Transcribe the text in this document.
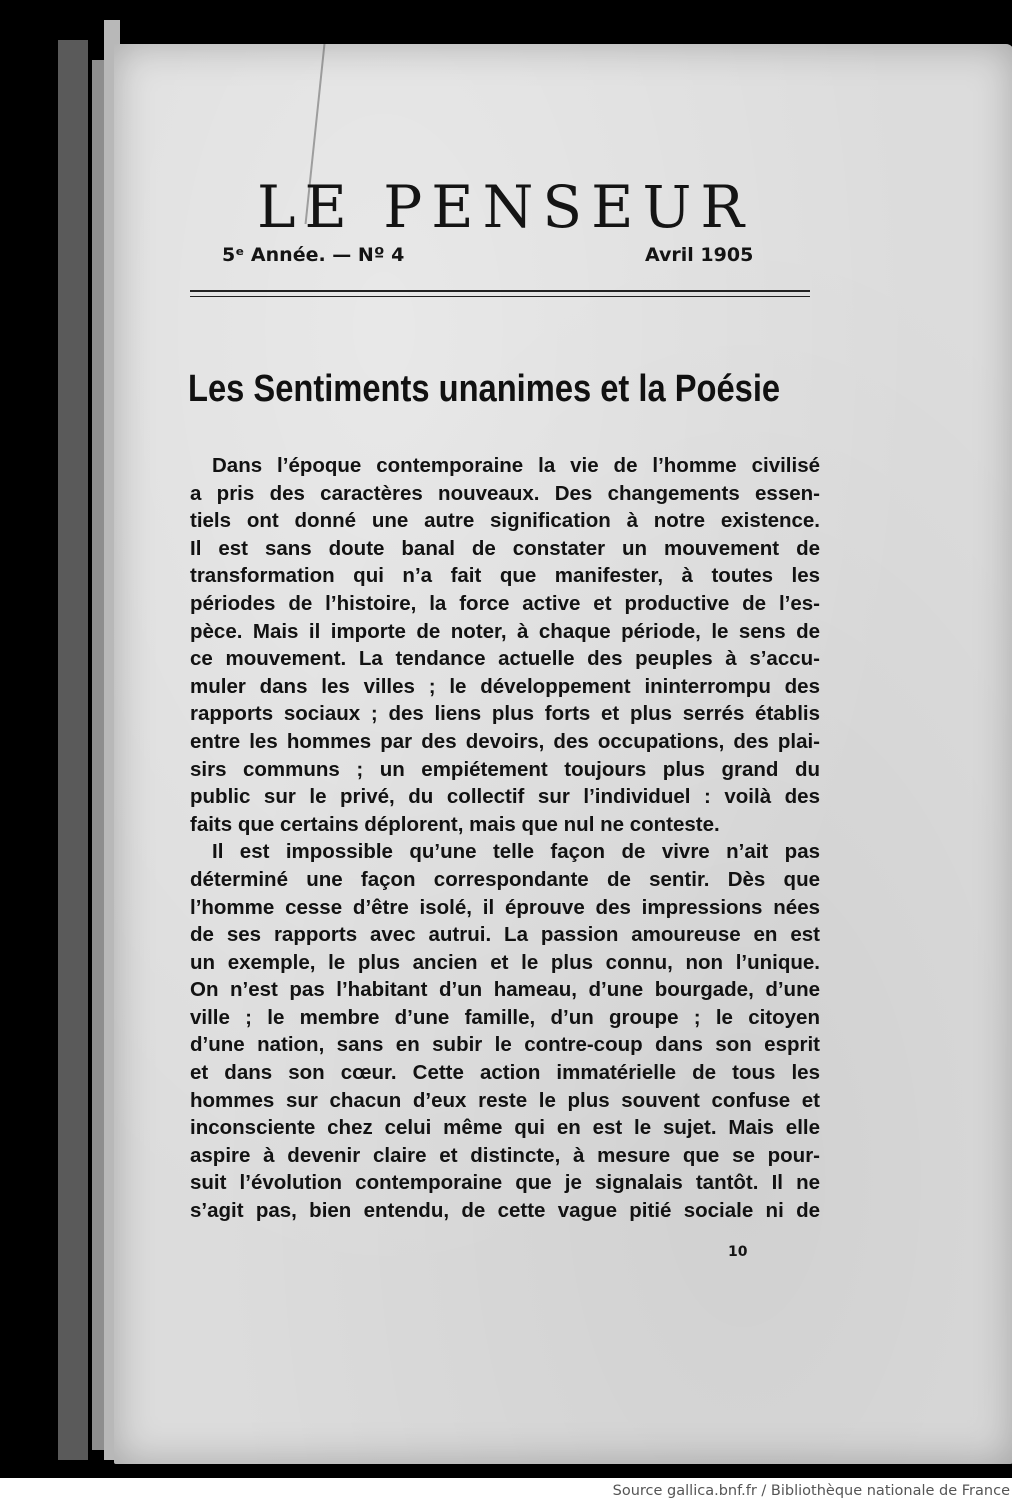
LE PENSEUR
5ᵉ Année. — Nº 4	Avril 1905
Les Sentiments unanimes et la Poésie
Dans l’époque contemporaine la vie de l’homme civilisé
a pris des caractères nouveaux. Des changements essen-
tiels ont donné une autre signification à notre existence.
Il est sans doute banal de constater un mouvement de
transformation qui n’a fait que manifester, à toutes les
périodes de l’histoire, la force active et productive de l’es-
pèce. Mais il importe de noter, à chaque période, le sens de
ce mouvement. La tendance actuelle des peuples à s’accu-
muler dans les villes ; le développement ininterrompu des
rapports sociaux ; des liens plus forts et plus serrés établis
entre les hommes par des devoirs, des occupations, des plai-
sirs communs ; un empiétement toujours plus grand du
public sur le privé, du collectif sur l’individuel : voilà des
faits que certains déplorent, mais que nul ne conteste.
Il est impossible qu’une telle façon de vivre n’ait pas
déterminé une façon correspondante de sentir. Dès que
l’homme cesse d’être isolé, il éprouve des impressions nées
de ses rapports avec autrui. La passion amoureuse en est
un exemple, le plus ancien et le plus connu, non l’unique.
On n’est pas l’habitant d’un hameau, d’une bourgade, d’une
ville ; le membre d’une famille, d’un groupe ; le citoyen
d’une nation, sans en subir le contre-coup dans son esprit
et dans son cœur. Cette action immatérielle de tous les
hommes sur chacun d’eux reste le plus souvent confuse et
inconsciente chez celui même qui en est le sujet. Mais elle
aspire à devenir claire et distincte, à mesure que se pour-
suit l’évolution contemporaine que je signalais tantôt. Il ne
s’agit pas, bien entendu, de cette vague pitié sociale ni de
10
Source gallica.bnf.fr / Bibliothèque nationale de France
